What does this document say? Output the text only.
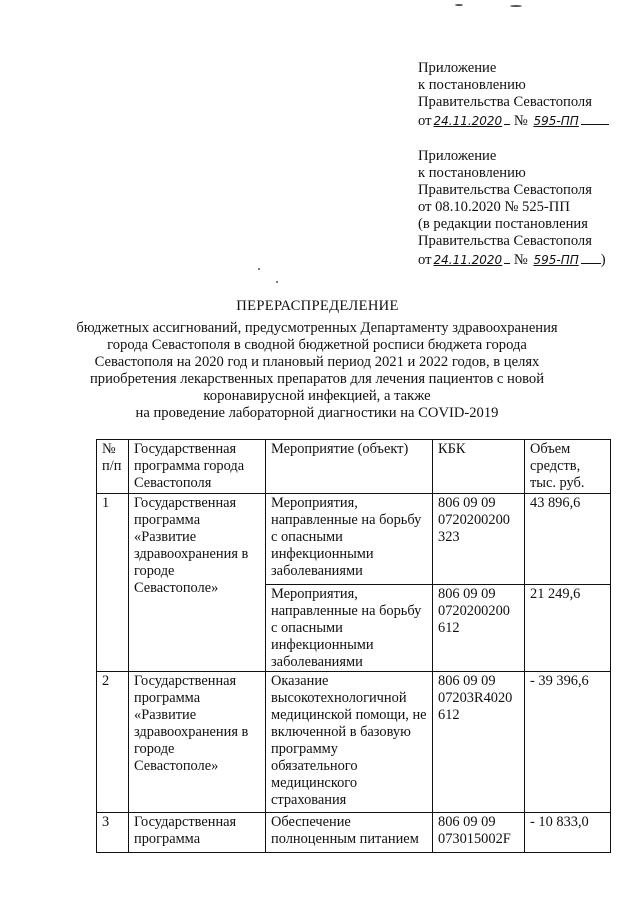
Приложение
к постановлению
Правительства Севастополя
от 24.11.2020 № 595-ПП
Приложение
к постановлению
Правительства Севастополя
от 08.10.2020 № 525-ПП
(в редакции постановления
Правительства Севастополя
от 24.11.2020 № 595-ПП )
ПЕРЕРАСПРЕДЕЛЕНИЕ
бюджетных ассигнований, предусмотренных Департаменту здравоохранения
города Севастополя в сводной бюджетной росписи бюджета города
Севастополя на 2020 год и плановый период 2021 и 2022 годов, в целях
приобретения лекарственных препаратов для лечения пациентов с новой
коронавирусной инфекцией, а также
на проведение лабораторной диагностики на COVID-2019
№ п/п	Государственная программа города Севастополя	Мероприятие (объект)	КБК	Объем средств, тыс. руб.
1	Государственная программа «Развитие здравоохранения в городе Севастополе»	Мероприятия, направленные на борьбу с опасными инфекционными заболеваниями	806 09 09 0720200200 323	43 896,6
		Мероприятия, направленные на борьбу с опасными инфекционными заболеваниями	806 09 09 0720200200 612	21 249,6
2	Государственная программа «Развитие здравоохранения в городе Севастополе»	Оказание высокотехнологичной медицинской помощи, не включенной в базовую программу обязательного медицинского страхования	806 09 09 07203R4020 612	- 39 396,6
3	Государственная программа	Обеспечение полноценным питанием	806 09 09 073015002F	- 10 833,0
